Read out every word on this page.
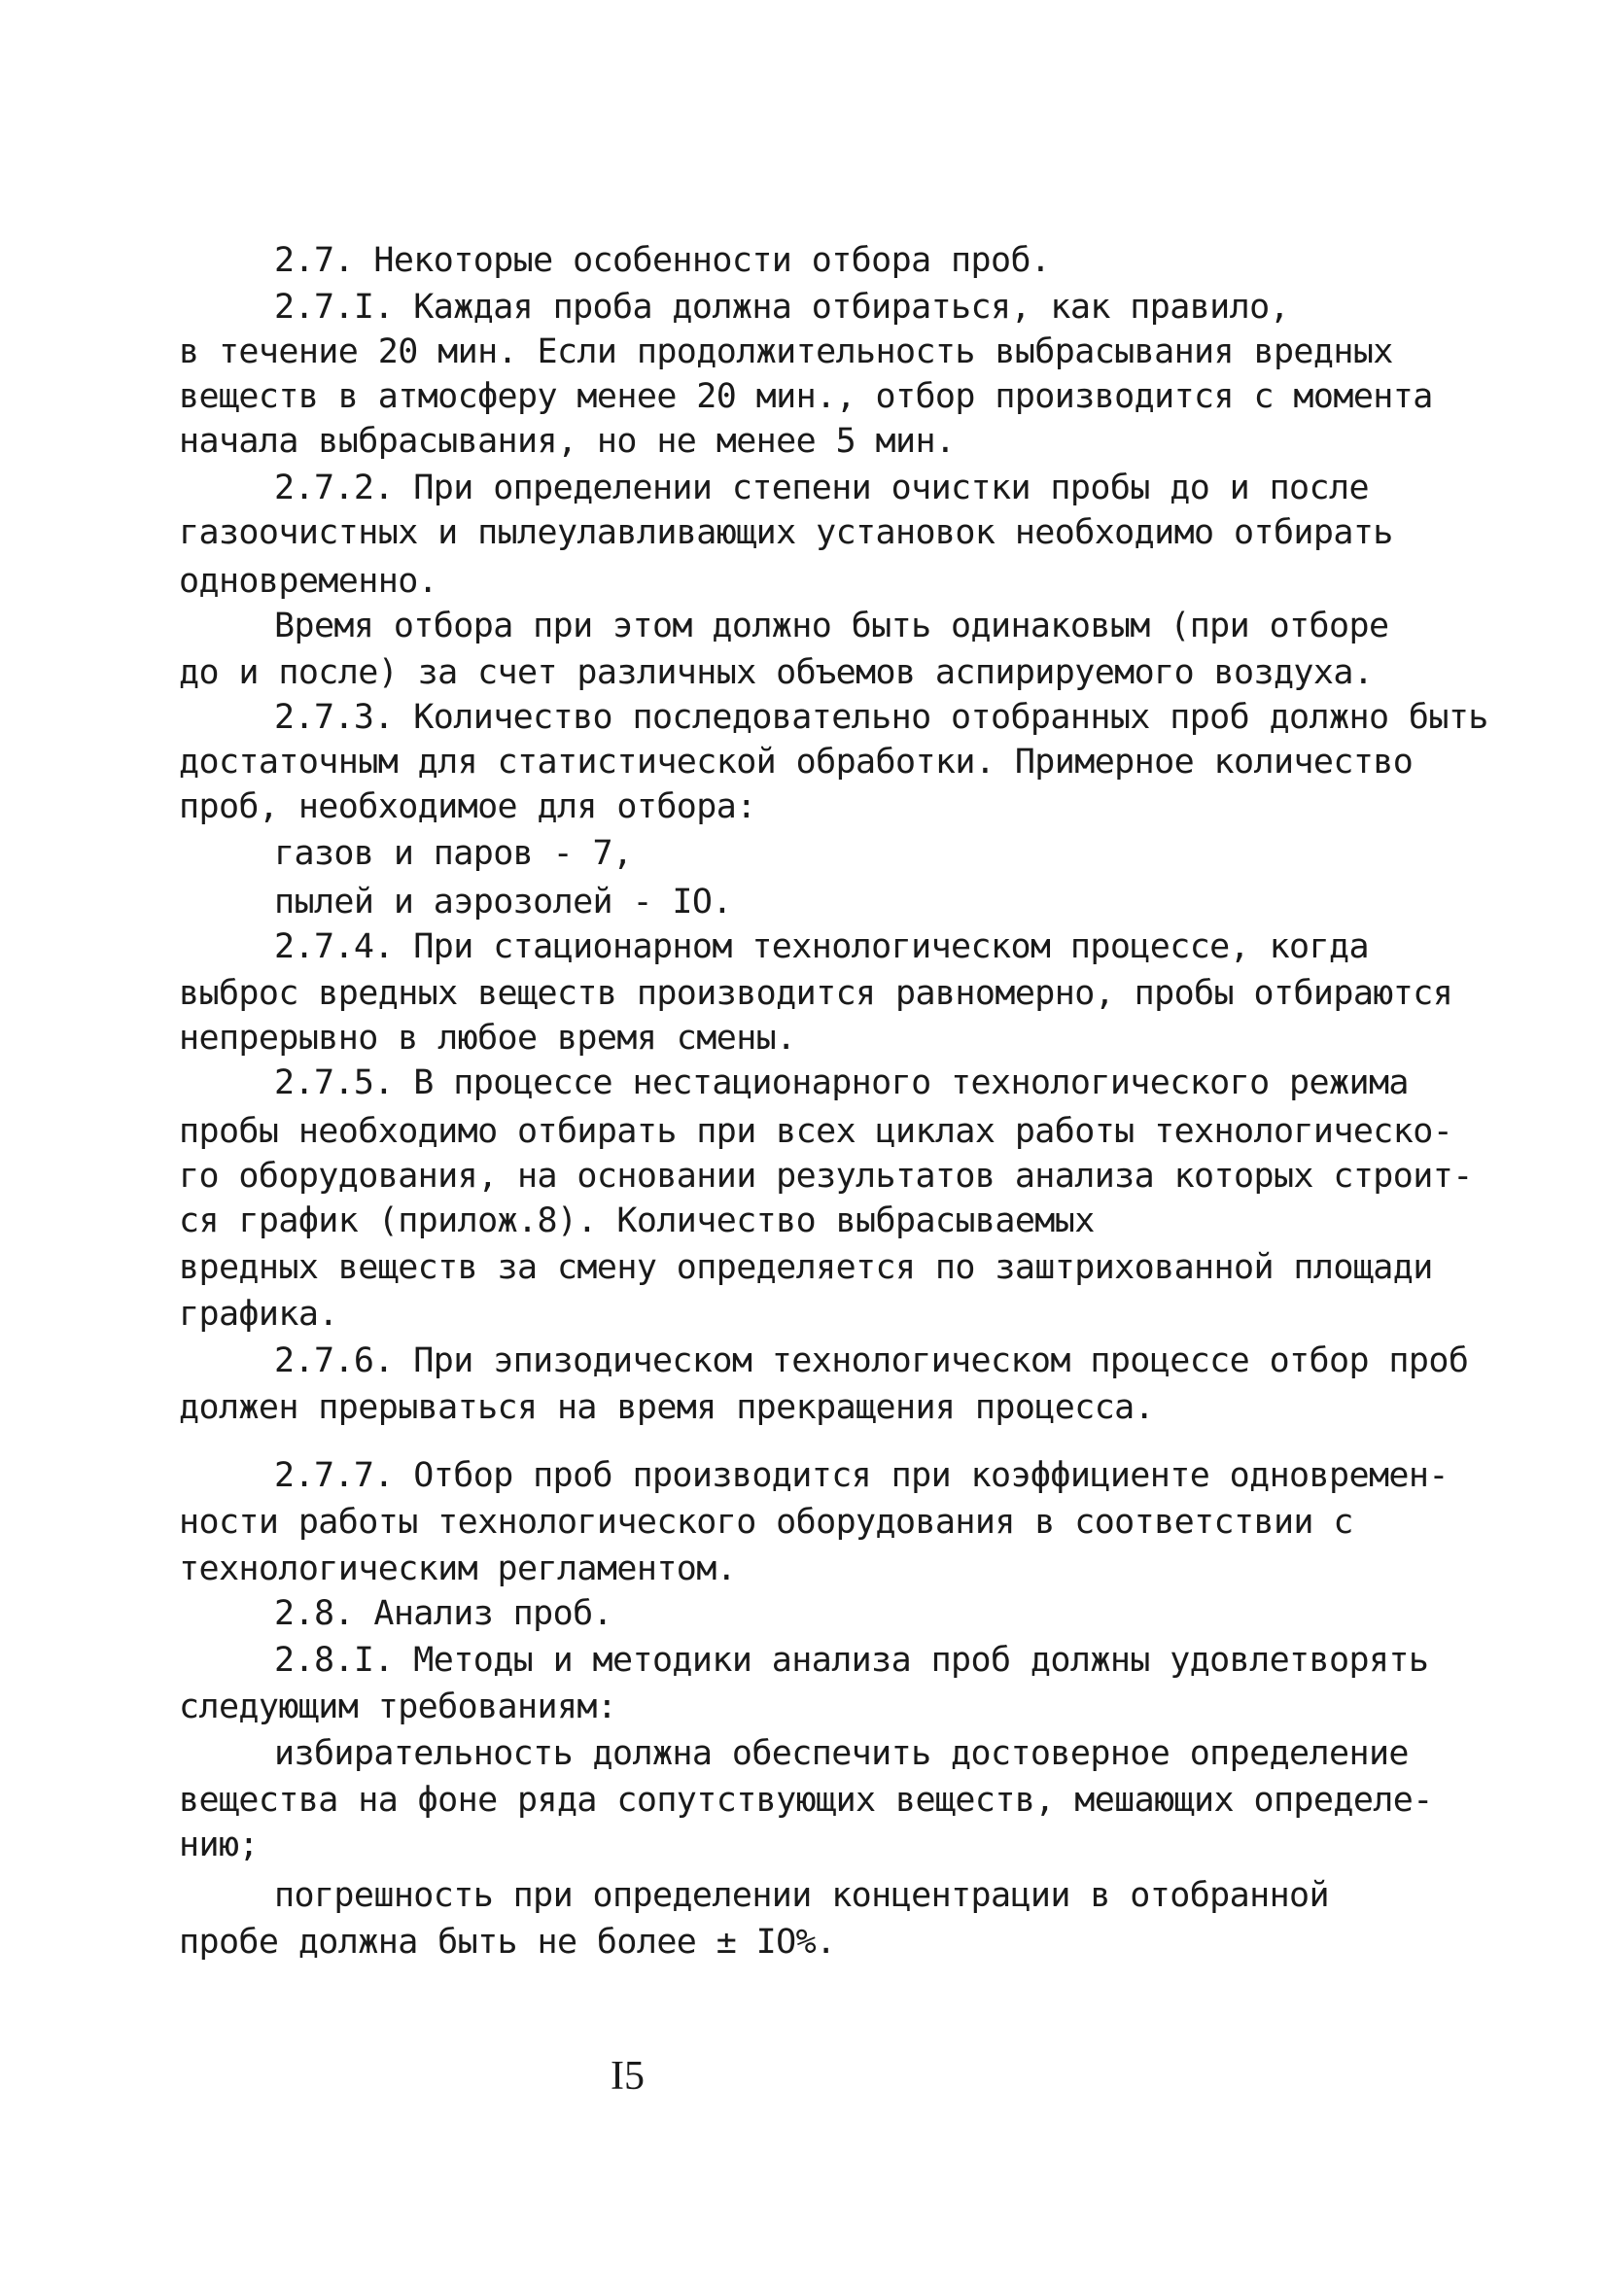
2.7. Некоторые особенности отбора проб.
2.7.I. Каждая проба должна отбираться, как правило,
в течение 20 мин. Если продолжительность выбрасывания вредных
веществ в атмосферу менее 20 мин., отбор производится с момента
начала выбрасывания, но не менее 5 мин.
2.7.2. При определении степени очистки пробы до и после
газоочистных и пылеулавливающих установок необходимо отбирать
одновременно.
Время отбора при этом должно быть одинаковым (при отборе
до и после) за счет различных объемов аспирируемого воздуха.
2.7.3. Количество последовательно отобранных проб должно быть
достаточным для статистической обработки. Примерное количество
проб, необходимое для отбора:
газов и паров - 7,
пылей и аэрозолей - IO.
2.7.4. При стационарном технологическом процессе, когда
выброс вредных веществ производится равномерно, пробы отбираются
непрерывно в любое время смены.
2.7.5. В процессе нестационарного технологического режима
пробы необходимо отбирать при всех циклах работы технологическо-
го оборудования, на основании результатов анализа которых строит-
ся график (прилож.8). Количество выбрасываемых
вредных веществ за смену определяется по заштрихованной площади
графика.
2.7.6. При эпизодическом технологическом процессе отбор проб
должен прерываться на время прекращения процесса.
2.7.7. Отбор проб производится при коэффициенте одновремен-
ности работы технологического оборудования в соответствии с
технологическим регламентом.
2.8. Анализ проб.
2.8.I. Методы и методики анализа проб должны удовлетворять
следующим требованиям:
избирательность должна обеспечить достоверное определение
вещества на фоне ряда сопутствующих веществ, мешающих определе-
нию;
погрешность при определении концентрации в отобранной
пробе должна быть не более ± IO%.
I5
